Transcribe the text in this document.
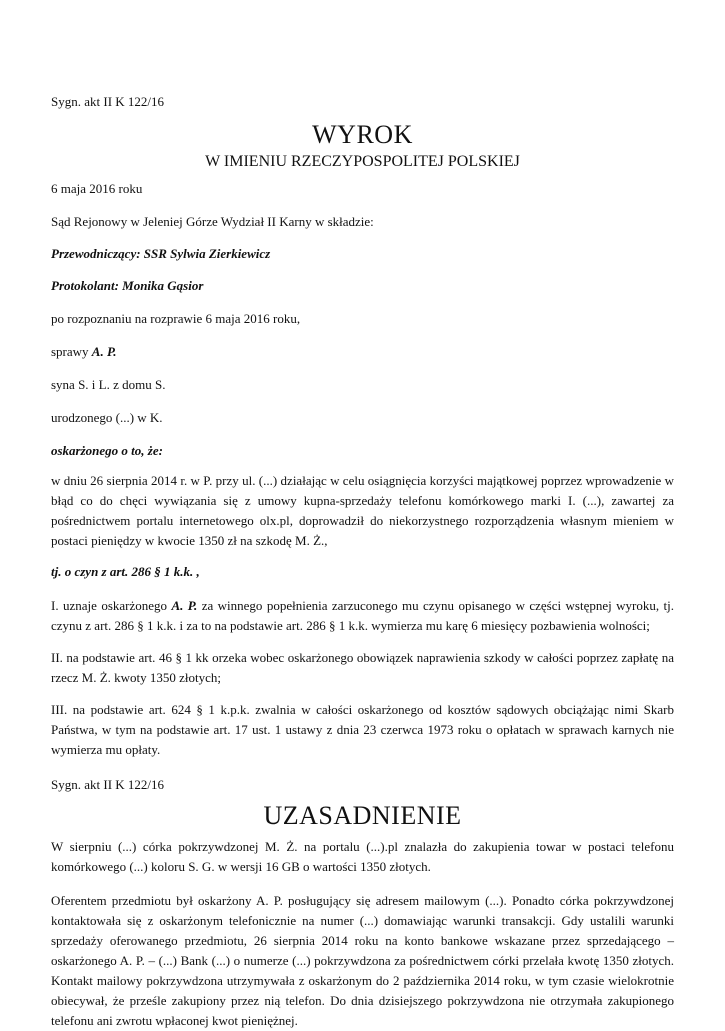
Sygn. akt II K 122/16

WYROK

W IMIENIU RZECZYPOSPOLITEJ POLSKIEJ

6 maja 2016 roku

Sąd Rejonowy w Jeleniej Górze Wydział II Karny w składzie:

Przewodniczący: SSR Sylwia Zierkiewicz

Protokolant: Monika Gąsior

po rozpoznaniu na rozprawie 6 maja 2016 roku,

sprawy A. P.

syna S. i L. z domu S.

urodzonego (...) w K.

oskarżonego o to, że:

w dniu 26 sierpnia 2014 r. w P. przy ul. (...) działając w celu osiągnięcia korzyści majątkowej poprzez wprowadzenie w błąd co do chęci wywiązania się z umowy kupna-sprzedaży telefonu komórkowego marki I. (...), zawartej za pośrednictwem portalu internetowego olx.pl, doprowadził do niekorzystnego rozporządzenia własnym mieniem w postaci pieniędzy w kwocie 1350 zł na szkodę M. Ż.,

tj. o czyn z art. 286 § 1 k.k. ,

I. uznaje oskarżonego A. P. za winnego popełnienia zarzuconego mu czynu opisanego w części wstępnej wyroku, tj. czynu z art. 286 § 1 k.k. i za to na podstawie art. 286 § 1 k.k. wymierza mu karę 6 miesięcy pozbawienia wolności;

II. na podstawie art. 46 § 1 kk orzeka wobec oskarżonego obowiązek naprawienia szkody w całości poprzez zapłatę na rzecz M. Ż. kwoty 1350 złotych;

III. na podstawie art. 624 § 1 k.p.k. zwalnia w całości oskarżonego od kosztów sądowych obciążając nimi Skarb Państwa, w tym na podstawie art. 17 ust. 1 ustawy z dnia 23 czerwca 1973 roku o opłatach w sprawach karnych nie wymierza mu opłaty.

Sygn. akt II K 122/16

UZASADNIENIE

W sierpniu (...) córka pokrzywdzonej M. Ż. na portalu (...).pl znalazła do zakupienia towar w postaci telefonu komórkowego (...) koloru S. G. w wersji 16 GB o wartości 1350 złotych.

Oferentem przedmiotu był oskarżony A. P. posługujący się adresem mailowym (...). Ponadto córka pokrzywdzonej kontaktowała się z oskarżonym telefonicznie na numer (...) domawiając warunki transakcji. Gdy ustalili warunki sprzedaży oferowanego przedmiotu, 26 sierpnia 2014 roku na konto bankowe wskazane przez sprzedającego – oskarżonego A. P. – (...) Bank (...) o numerze (...) pokrzywdzona za pośrednictwem córki przelała kwotę 1350 złotych. Kontakt mailowy pokrzywdzona utrzymywała z oskarżonym do 2 października 2014 roku, w tym czasie wielokrotnie obiecywał, że prześle zakupiony przez nią telefon. Do dnia dzisiejszego pokrzywdzona nie otrzymała zakupionego telefonu ani zwrotu wpłaconej kwot pieniężnej.
